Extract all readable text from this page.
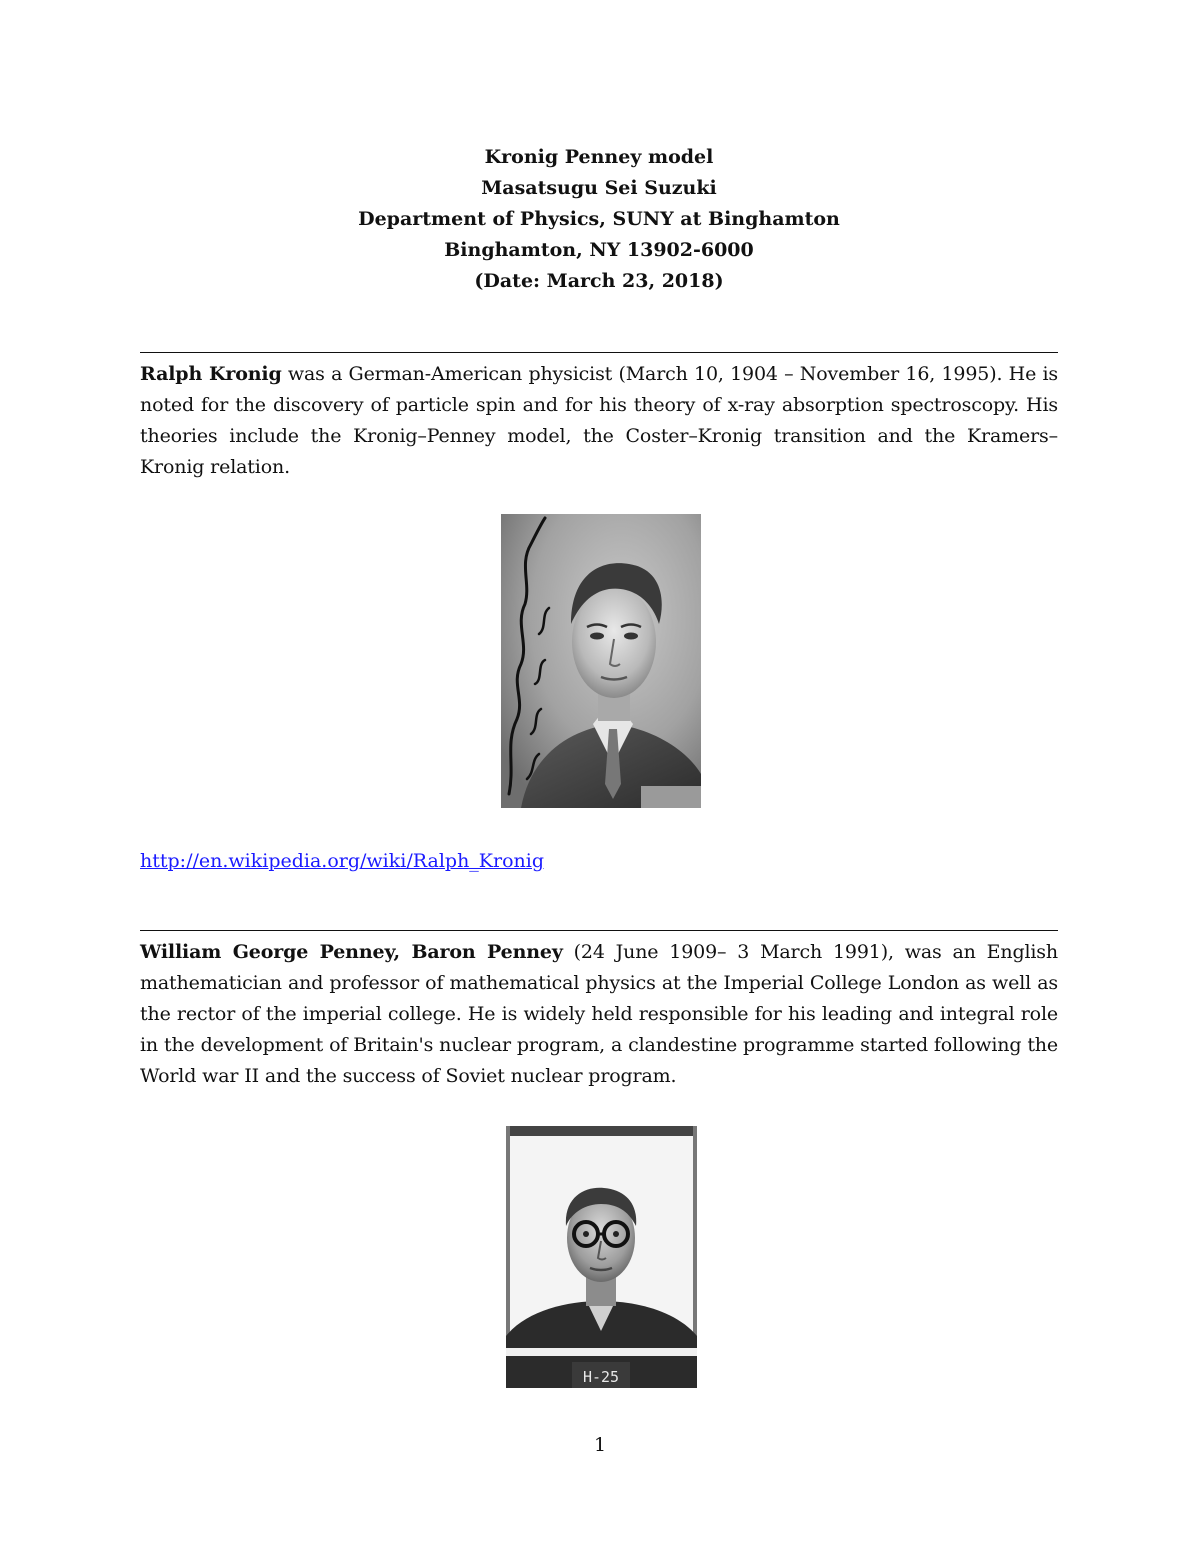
Kronig Penney model
Masatsugu Sei Suzuki
Department of Physics, SUNY at Binghamton
Binghamton, NY 13902-6000
(Date: March 23, 2018)
Ralph Kronig was a German-American physicist (March 10, 1904 – November 16, 1995). He is noted for the discovery of particle spin and for his theory of x-ray absorption spectroscopy. His theories include the Kronig–Penney model, the Coster–Kronig transition and the Kramers–Kronig relation.
http://en.wikipedia.org/wiki/Ralph_Kronig
William George Penney, Baron Penney (24 June 1909– 3 March 1991), was an English mathematician and professor of mathematical physics at the Imperial College London as well as the rector of the imperial college. He is widely held responsible for his leading and integral role in the development of Britain's nuclear program, a clandestine programme started following the World war II and the success of Soviet nuclear program.
H-25
1
